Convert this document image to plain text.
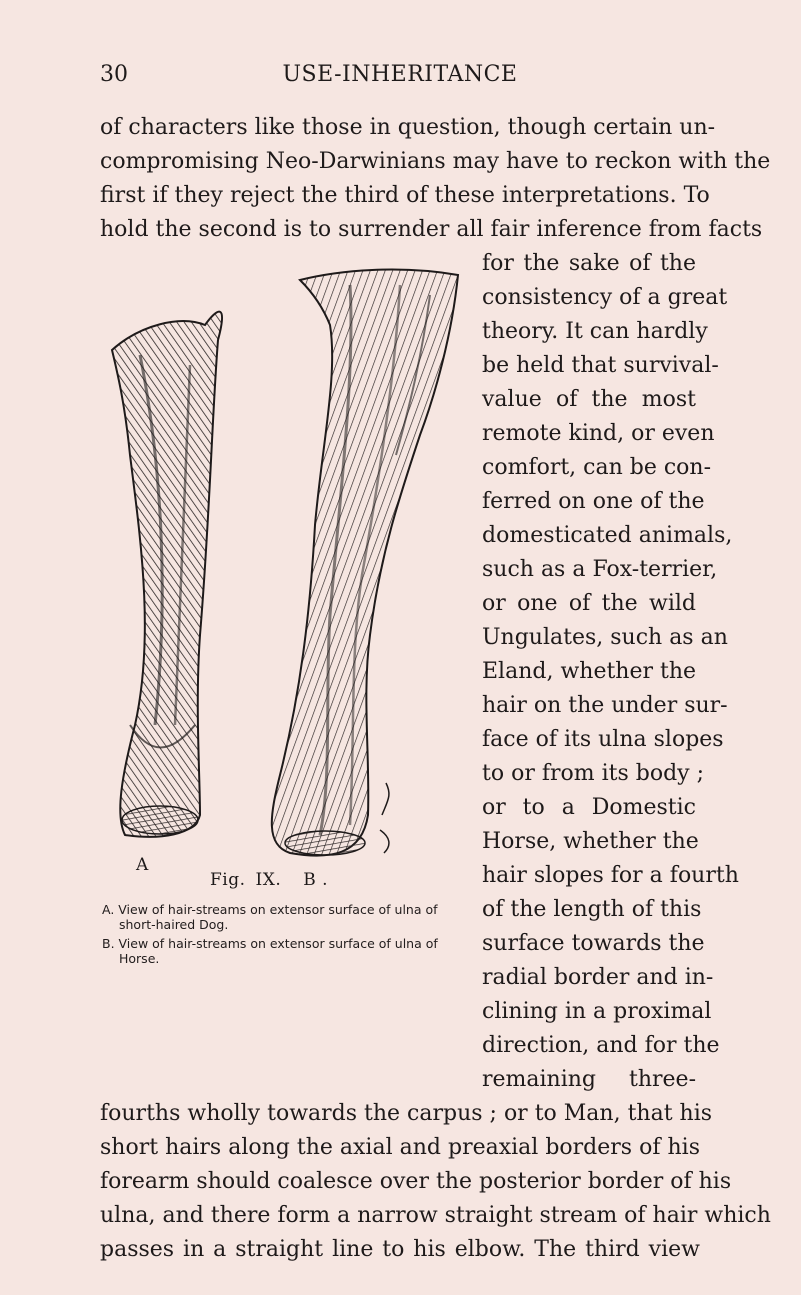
30	USE-INHERITANCE
of characters like those in question, though certain un-
compromising Neo-Darwinians may have to reckon with the
first if they reject the third of these interpretations. To
hold the second is to surrender all fair inference from facts
for the sake of the
consistency of a great
theory. It can hardly
be held that survival-
value of the most
remote kind, or even
comfort, can be con-
ferred on one of the
domesticated animals,
such as a Fox-terrier,
or one of the wild
Ungulates, such as an
Eland, whether the
hair on the under sur-
face of its ulna slopes
to or from its body ;
or to a Domestic
Horse, whether the
hair slopes for a fourth
of the length of this
surface towards the
radial border and in-
clining in a proximal
direction, and for the
remaining three-
fourths wholly towards the carpus ; or to Man, that his
short hairs along the axial and preaxial borders of his
forearm should coalesce over the posterior border of his
ulna, and there form a narrow straight stream of hair which
passes in a straight line to his elbow. The third view
A
Fig. IX. B .
A. View of hair-streams on extensor surface of ulna of
short-haired Dog.
B. View of hair-streams on extensor surface of ulna of
Horse.
